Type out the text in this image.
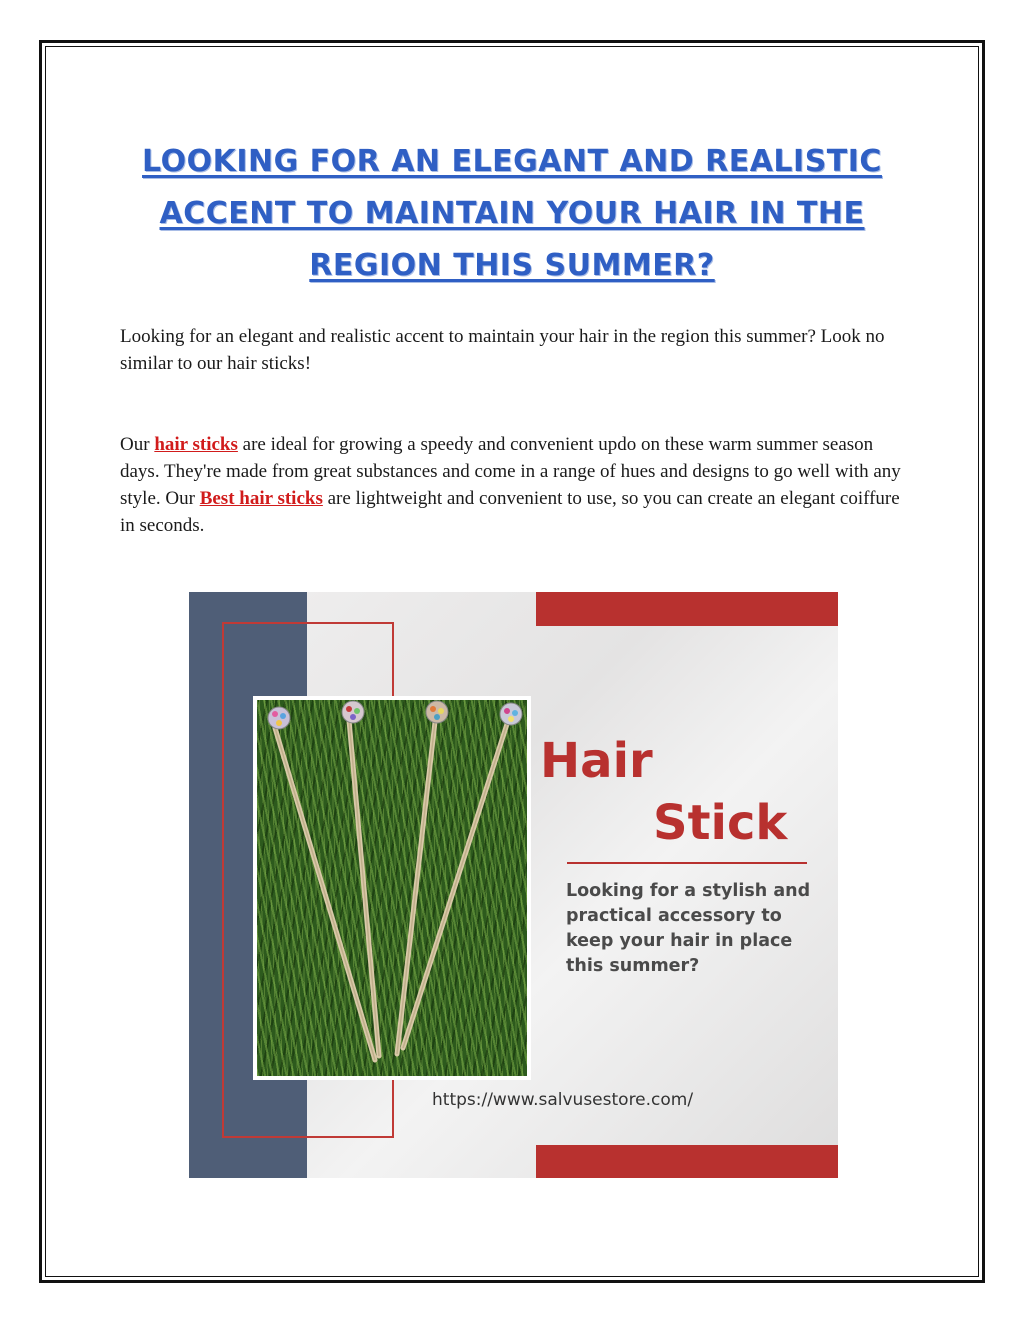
LOOKING FOR AN ELEGANT AND REALISTIC ACCENT TO MAINTAIN YOUR HAIR IN THE REGION THIS SUMMER?

Looking for an elegant and realistic accent to maintain your hair in the region this summer? Look no similar to our hair sticks!

Our hair sticks are ideal for growing a speedy and convenient updo on these warm summer season days. They're made from great substances and come in a range of hues and designs to go well with any style. Our Best hair sticks are lightweight and convenient to use, so you can create an elegant coiffure in seconds.

Hair
Stick

Looking for a stylish and practical accessory to keep your hair in place this summer?

https://www.salvusestore.com/
